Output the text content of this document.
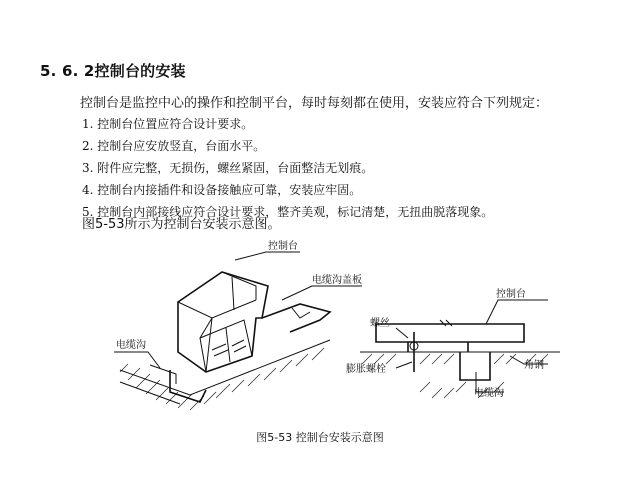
5. 6. 2控制台的安装
控制台是监控中心的操作和控制平台，每时每刻都在使用，安装应符合下列规定：
1. 控制台位置应符合设计要求。
2. 控制台应安放竖直，台面水平。
3. 附件应完整，无损伤，螺丝紧固，台面整洁无划痕。
4. 控制台内接插件和设备接触应可靠，安装应牢固。
5. 控制台内部接线应符合设计要求，整齐美观，标记清楚，无扭曲脱落现象。
图5-53所示为控制台安装示意图。
控制台
电缆沟盖板
电缆沟
控制台
螺丝
膨胀螺栓	角钢
电缆沟
图5-53 控制台安装示意图
